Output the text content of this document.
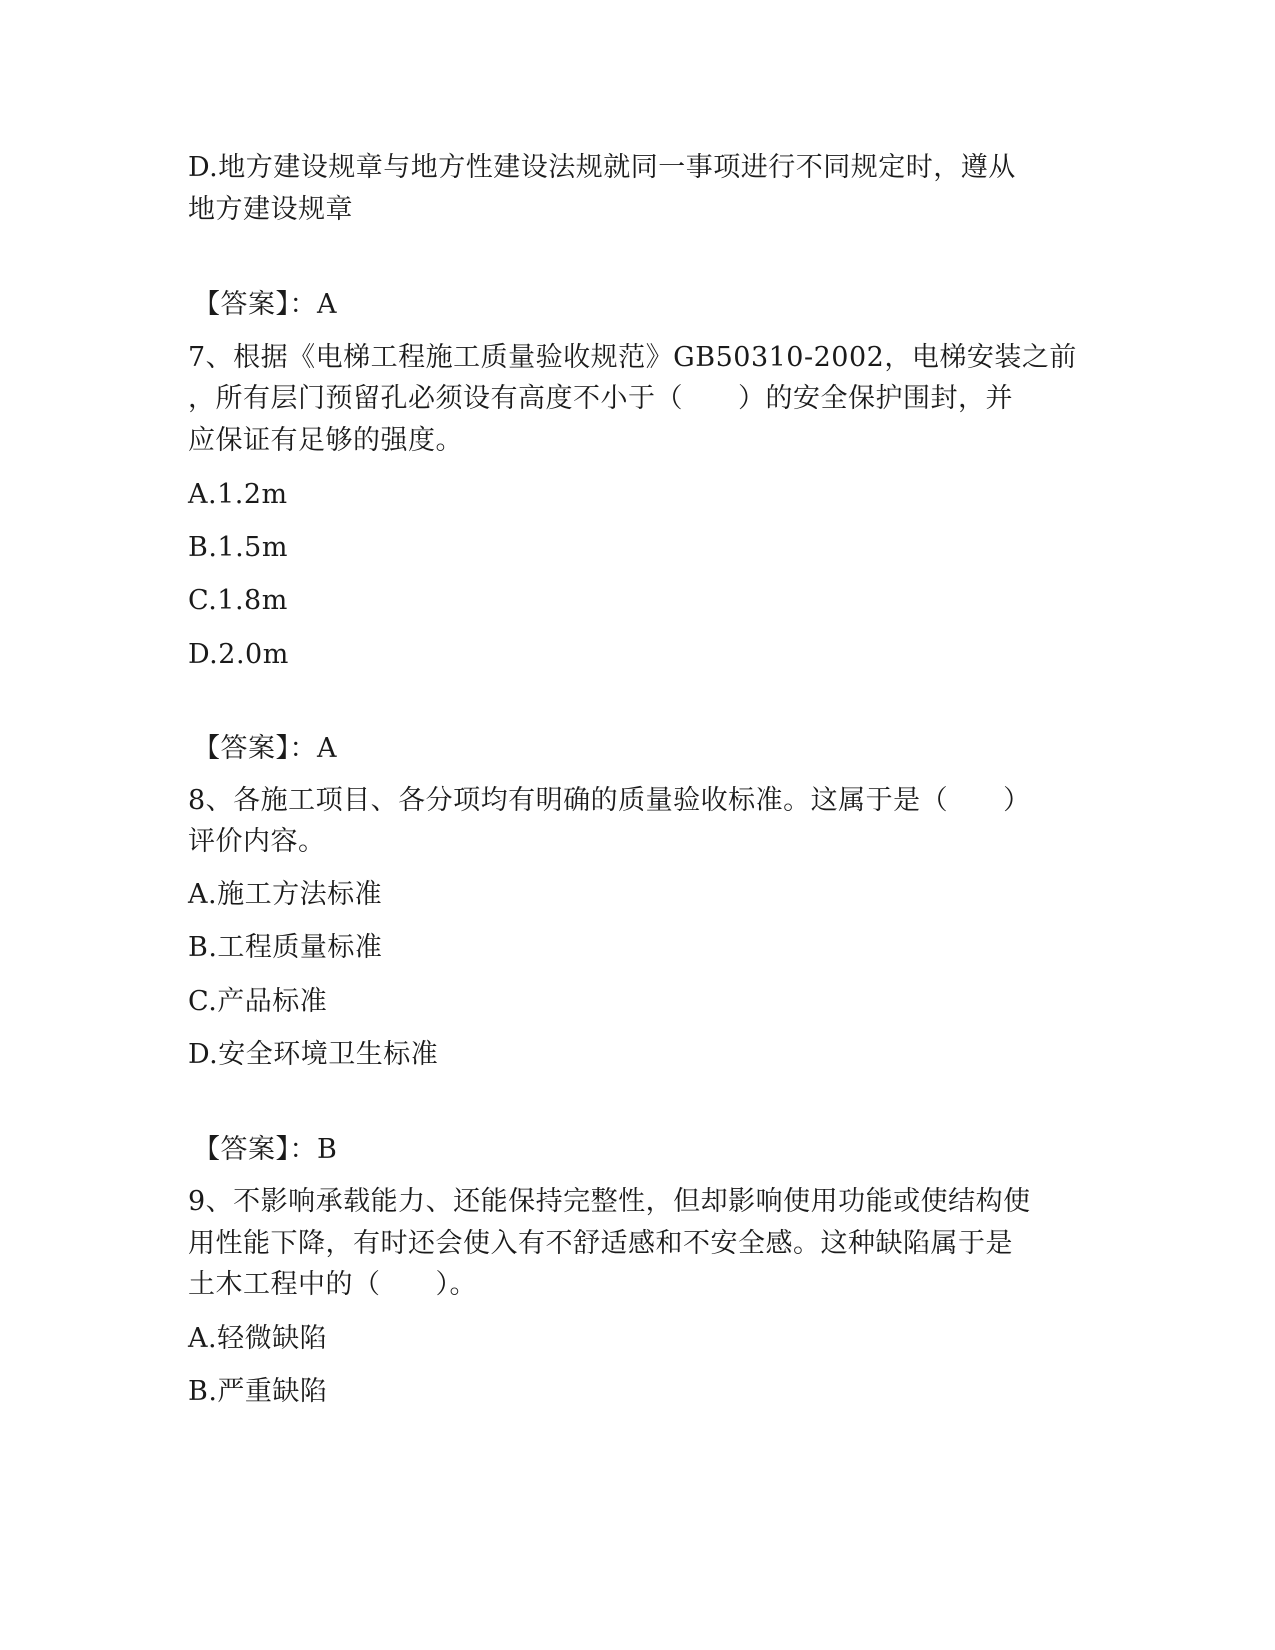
D.地方建设规章与地方性建设法规就同一事项进行不同规定时，遵从
地方建设规章
【答案】：A
7、根据《电梯工程施工质量验收规范》GB50310-2002，电梯安装之前
，所有层门预留孔必须设有高度不小于（　　）的安全保护围封，并
应保证有足够的强度。
A.1.2m
B.1.5m
C.1.8m
D.2.0m
【答案】：A
8、各施工项目、各分项均有明确的质量验收标准。这属于是（　　）
评价内容。
A.施工方法标准
B.工程质量标准
C.产品标准
D.安全环境卫生标准
【答案】：B
9、不影响承载能力、还能保持完整性，但却影响使用功能或使结构使
用性能下降，有时还会使入有不舒适感和不安全感。这种缺陷属于是
土木工程中的（　　）。
A.轻微缺陷
B.严重缺陷
